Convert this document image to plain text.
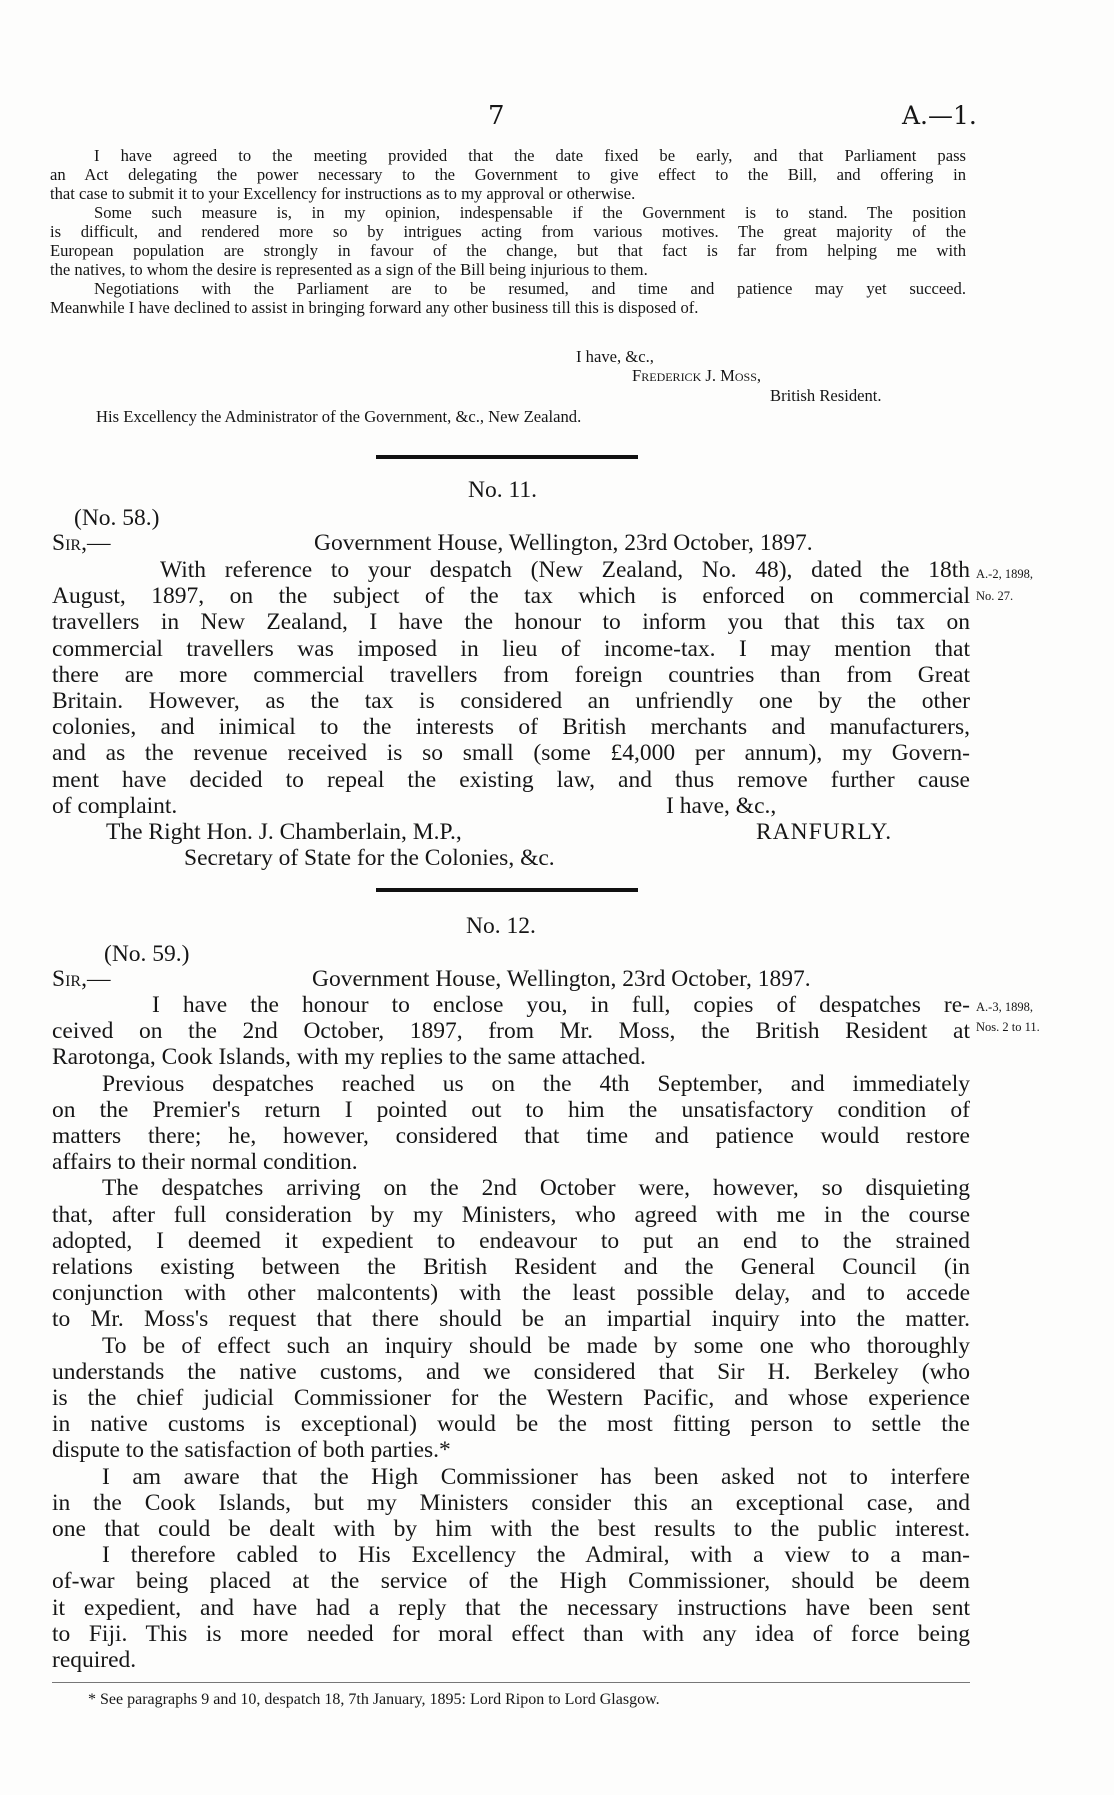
7	A.—1.
I have agreed to the meeting provided that the date fixed be early, and that Parliament pass
an Act delegating the power necessary to the Government to give effect to the Bill, and offering in
that case to submit it to your Excellency for instructions as to my approval or otherwise.
Some such measure is, in my opinion, indespensable if the Government is to stand. The position
is difficult, and rendered more so by intrigues acting from various motives. The great majority of the
European population are strongly in favour of the change, but that fact is far from helping me with
the natives, to whom the desire is represented as a sign of the Bill being injurious to them.
Negotiations with the Parliament are to be resumed, and time and patience may yet succeed.
Meanwhile I have declined to assist in bringing forward any other business till this is disposed of.
I have, &c.,
Frederick J. Moss,
British Resident.
His Excellency the Administrator of the Government, &c., New Zealand.
No. 11.
(No. 58.)
Sir,—	Government House, Wellington, 23rd October, 1897.
With reference to your despatch (New Zealand, No. 48), dated the 18th
August, 1897, on the subject of the tax which is enforced on commercial
travellers in New Zealand, I have the honour to inform you that this tax on
commercial travellers was imposed in lieu of income-tax. I may mention that
there are more commercial travellers from foreign countries than from Great
Britain. However, as the tax is considered an unfriendly one by the other
colonies, and inimical to the interests of British merchants and manufacturers,
and as the revenue received is so small (some £4,000 per annum), my Govern-
ment have decided to repeal the existing law, and thus remove further cause
of complaint.	I have, &c.,
The Right Hon. J. Chamberlain, M.P.,	RANFURLY.
Secretary of State for the Colonies, &c.
A.-2, 1898,
No. 27.
No. 12.
(No. 59.)
Sir,—	Government House, Wellington, 23rd October, 1897.
A.-3, 1898,
Nos. 2 to 11.
I have the honour to enclose you, in full, copies of despatches re-
ceived on the 2nd October, 1897, from Mr. Moss, the British Resident at
Rarotonga, Cook Islands, with my replies to the same attached.
Previous despatches reached us on the 4th September, and immediately
on the Premier's return I pointed out to him the unsatisfactory condition of
matters there; he, however, considered that time and patience would restore
affairs to their normal condition.
The despatches arriving on the 2nd October were, however, so disquieting
that, after full consideration by my Ministers, who agreed with me in the course
adopted, I deemed it expedient to endeavour to put an end to the strained
relations existing between the British Resident and the General Council (in
conjunction with other malcontents) with the least possible delay, and to accede
to Mr. Moss's request that there should be an impartial inquiry into the matter.
To be of effect such an inquiry should be made by some one who thoroughly
understands the native customs, and we considered that Sir H. Berkeley (who
is the chief judicial Commissioner for the Western Pacific, and whose experience
in native customs is exceptional) would be the most fitting person to settle the
dispute to the satisfaction of both parties.*
I am aware that the High Commissioner has been asked not to interfere
in the Cook Islands, but my Ministers consider this an exceptional case, and
one that could be dealt with by him with the best results to the public interest.
I therefore cabled to His Excellency the Admiral, with a view to a man-
of-war being placed at the service of the High Commissioner, should be deem
it expedient, and have had a reply that the necessary instructions have been sent
to Fiji. This is more needed for moral effect than with any idea of force being
required.
* See paragraphs 9 and 10, despatch 18, 7th January, 1895: Lord Ripon to Lord Glasgow.
